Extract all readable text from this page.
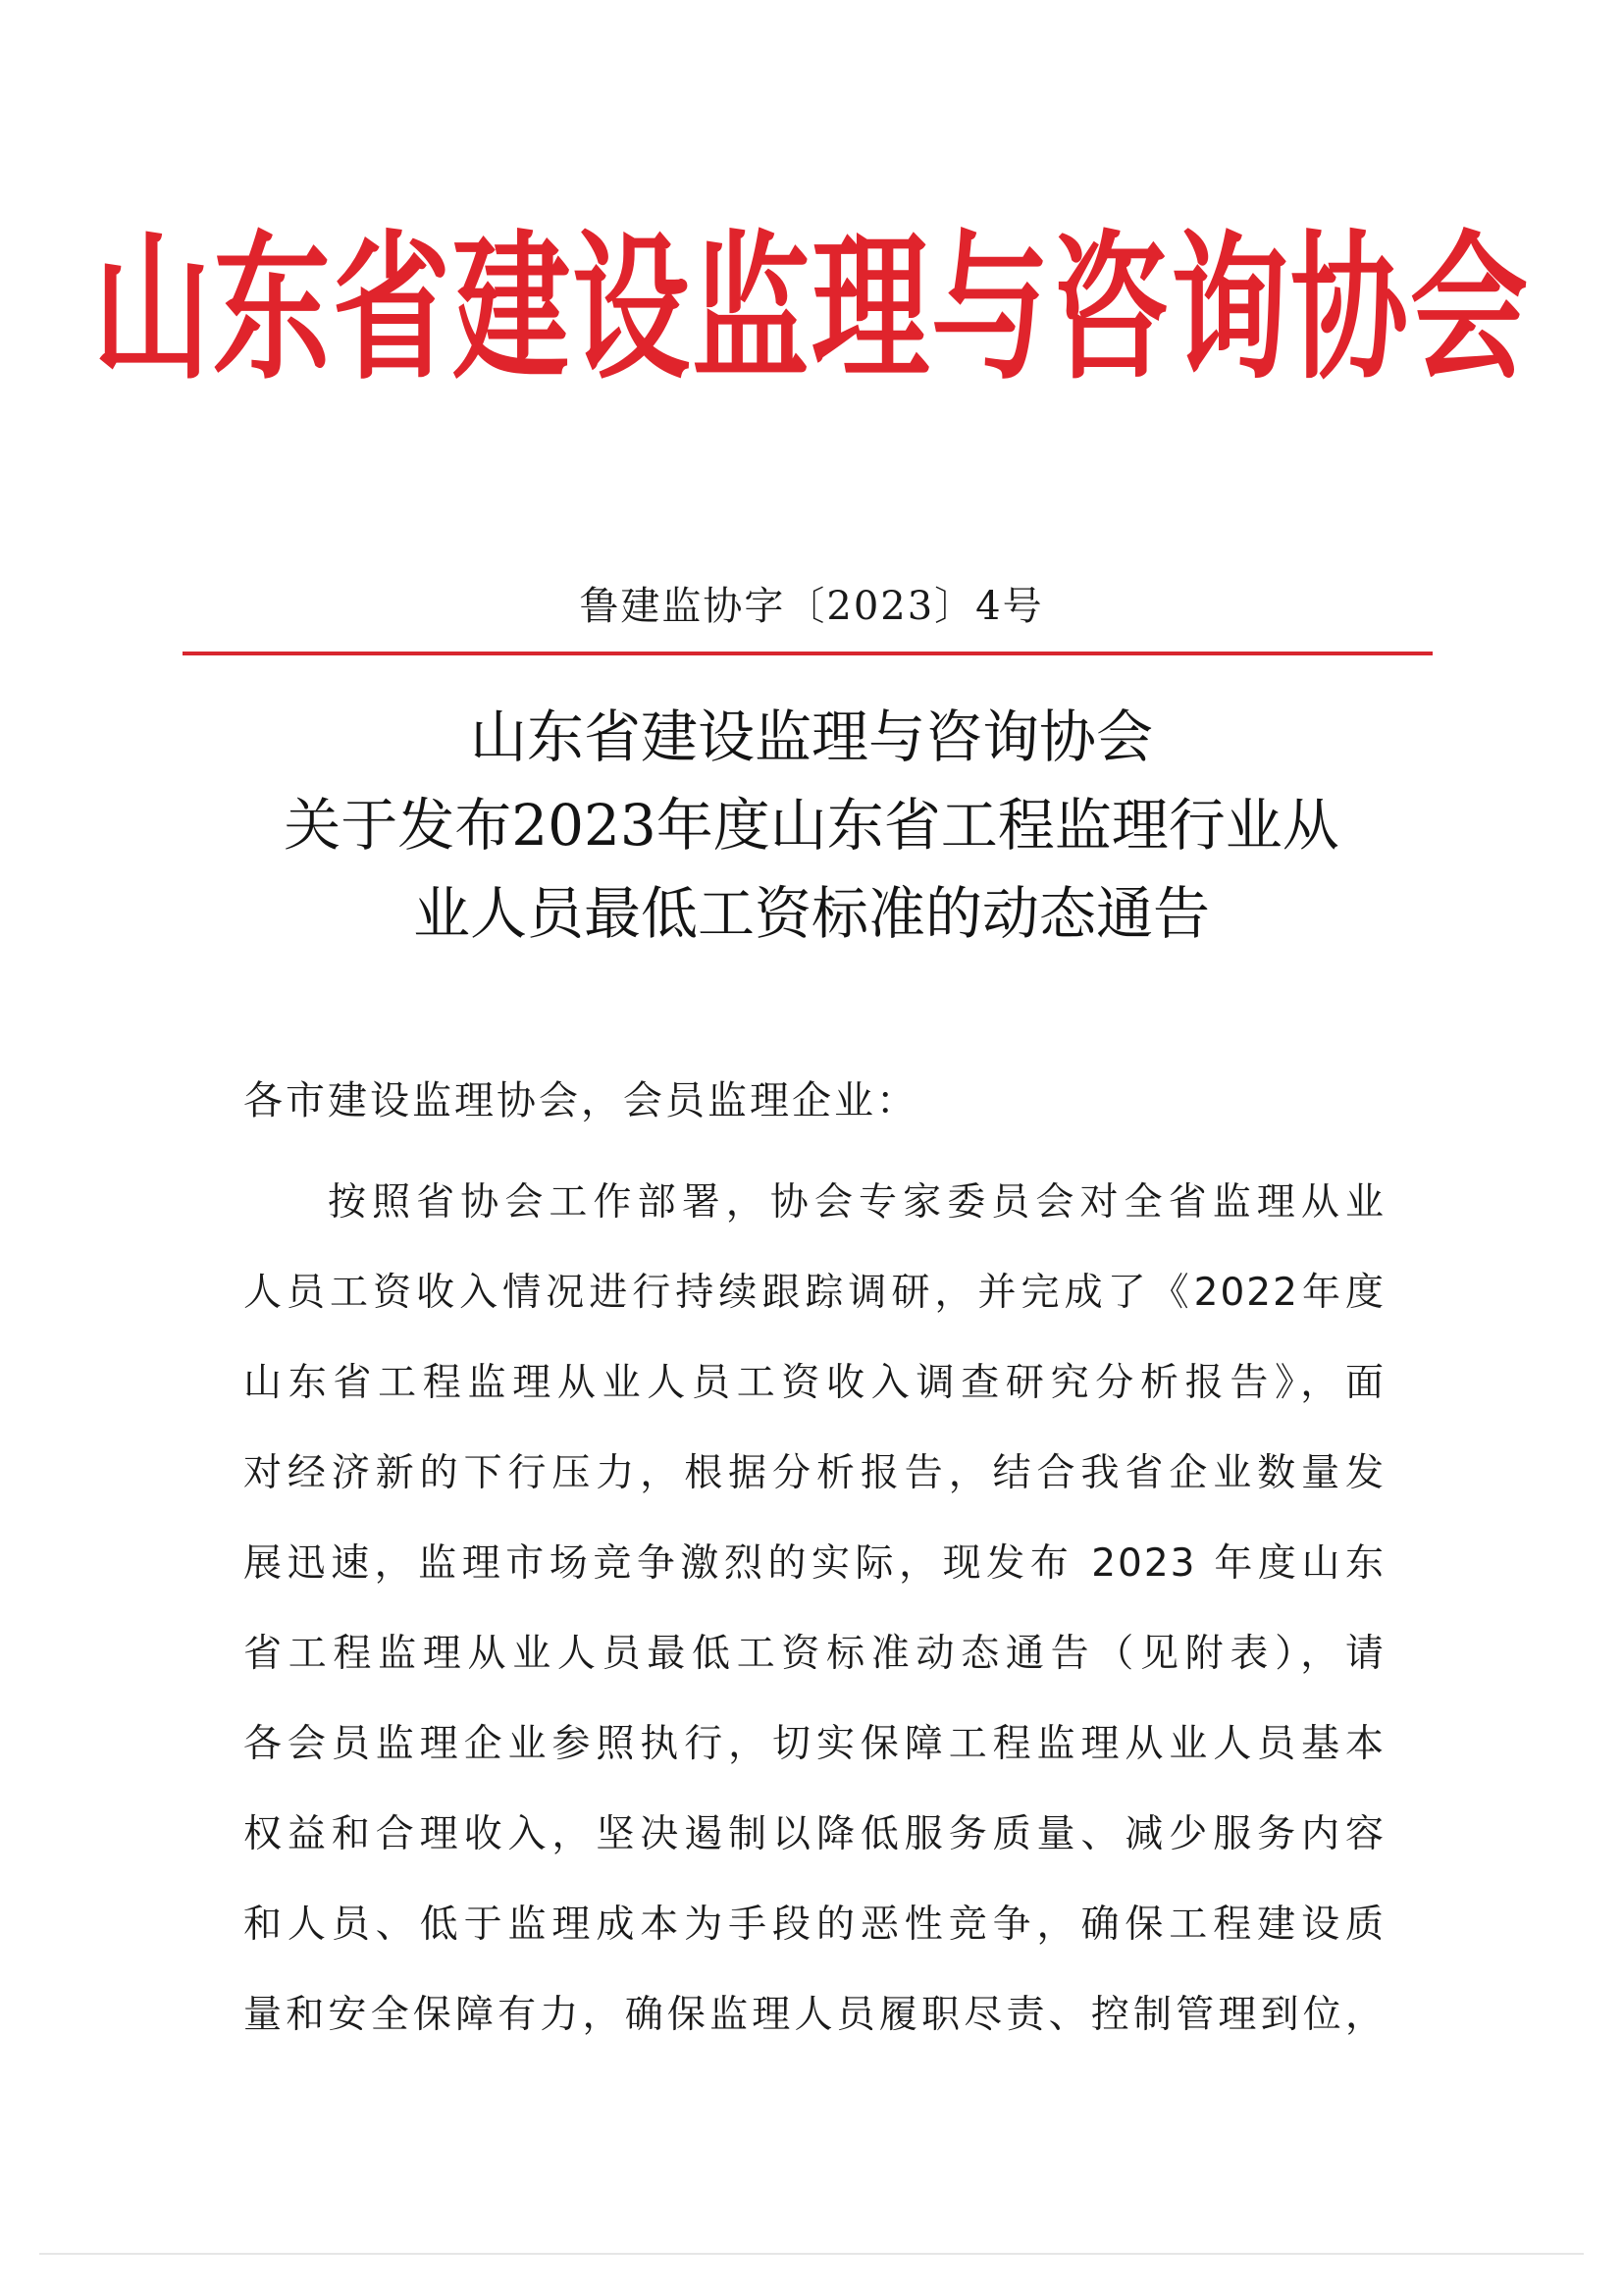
山东省建设监理与咨询协会
鲁建监协字〔2023〕4号
山东省建设监理与咨询协会
关于发布2023年度山东省工程监理行业从
业人员最低工资标准的动态通告
各市建设监理协会，会员监理企业：
按照省协会工作部署，协会专家委员会对全省监理从业
人员工资收入情况进行持续跟踪调研，并完成了《2022年度
山东省工程监理从业人员工资收入调查研究分析报告》，面
对经济新的下行压力，根据分析报告，结合我省企业数量发
展迅速，监理市场竞争激烈的实际，现发布 2023 年度山东
省工程监理从业人员最低工资标准动态通告（见附表），请
各会员监理企业参照执行，切实保障工程监理从业人员基本
权益和合理收入，坚决遏制以降低服务质量、减少服务内容
和人员、低于监理成本为手段的恶性竞争，确保工程建设质
量和安全保障有力，确保监理人员履职尽责、控制管理到位，
